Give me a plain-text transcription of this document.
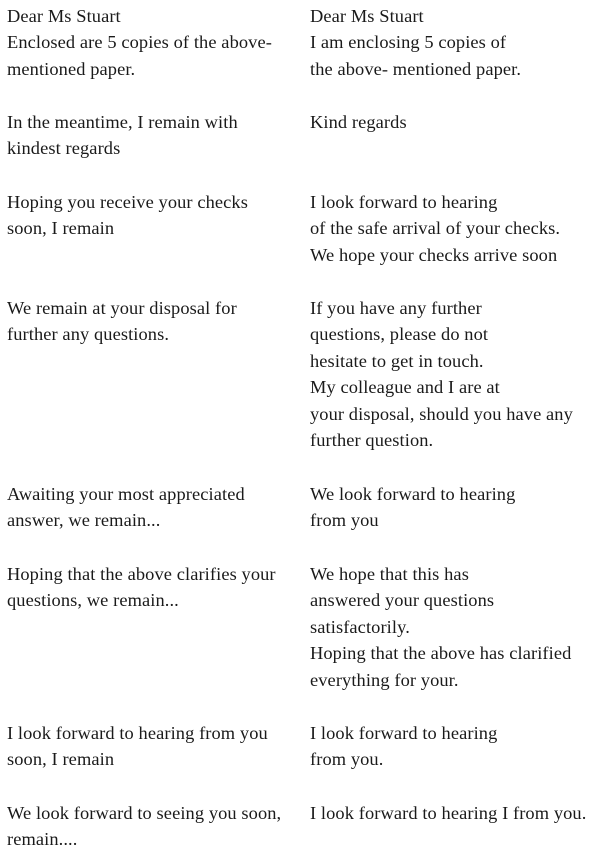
Dear Ms Stuart
Enclosed are 5 copies of the above-
mentioned paper.
Dear Ms Stuart
I am enclosing 5 copies of
the above- mentioned paper.
In the meantime, I remain with
kindest regards
Kind regards
Hoping you receive your checks
soon, I remain
I look forward to hearing
of the safe arrival of your checks.
We hope your checks arrive soon
We remain at your disposal for
further any questions.
If you have any further
questions, please do not
hesitate to get in touch.
My colleague and I are at
your disposal, should you have any
further question.
Awaiting your most appreciated
answer, we remain...
We look forward to hearing
from you
Hoping that the above clarifies your
questions, we remain...
We hope that this has
answered your questions
satisfactorily.
Hoping that the above has clarified
everything for your.
I look forward to hearing from you
soon, I remain
I look forward to hearing
from you.
We look forward to seeing you soon,
remain....
I look forward to hearing I from you.
